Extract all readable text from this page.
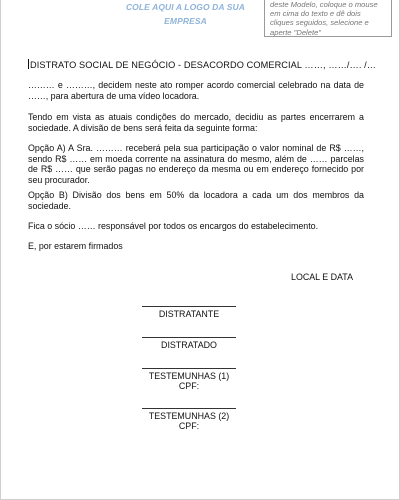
COLE AQUI A LOGO DA SUA EMPRESA
deste Modelo, coloque o mouse em cima do texto e dê dois cliques seguidos, selecione e aperte "Delete"
DISTRATO SOCIAL DE NEGÓCIO - DESACORDO COMERCIAL ……, ……/…. /…
……… e ………, decidem neste ato romper acordo comercial celebrado na data de ……, para abertura de uma vídeo locadora.
Tendo em vista as atuais condições do mercado, decidiu as partes encerrarem a sociedade. A divisão de bens será feita da seguinte forma:
Opção A) A Sra. ……… receberá pela sua participação o valor nominal de R$ ……, sendo R$ …… em moeda corrente na assinatura do mesmo, além de …… parcelas de R$ …… que serão pagas no endereço da mesma ou em endereço fornecido por seu procurador.
Opção B) Divisão dos bens em 50% da locadora a cada um dos membros da sociedade.
Fica o sócio …… responsável por todos os encargos do estabelecimento.
E, por estarem firmados
LOCAL E DATA
DISTRATANTE
DISTRATADO
TESTEMUNHAS (1)
CPF:
TESTEMUNHAS (2)
CPF:
